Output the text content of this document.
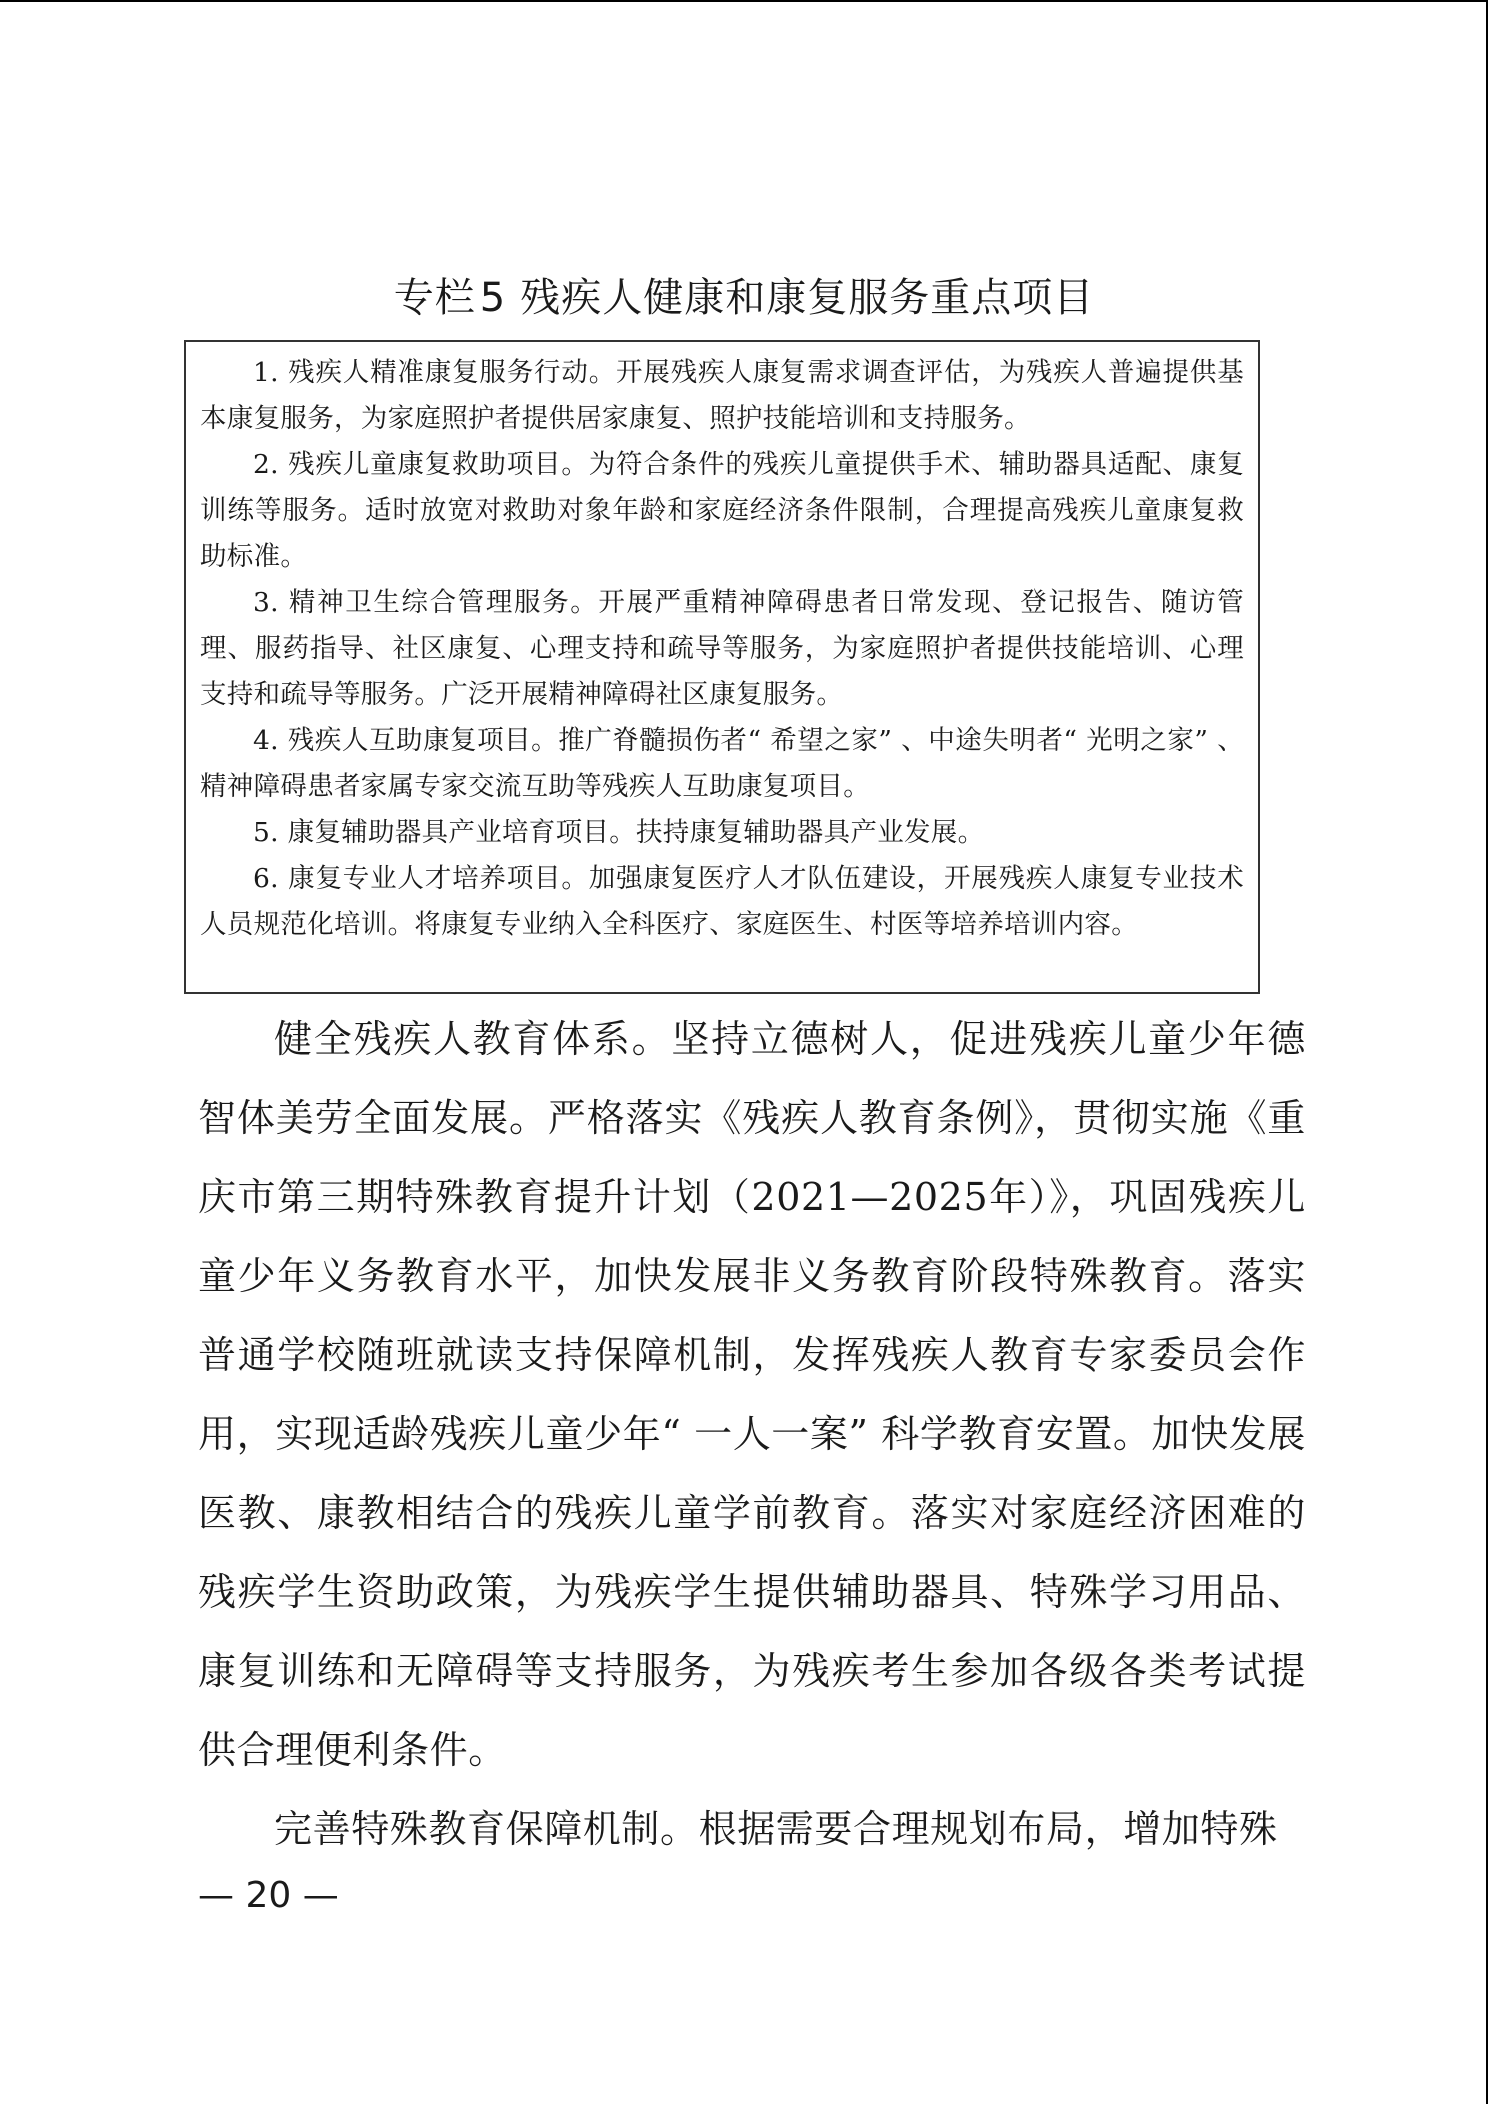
专栏 5 残疾人健康和康复服务重点项目

1. 残疾人精准康复服务行动。开展残疾人康复需求调查评估，为残疾人普遍提供基本康复服务，为家庭照护者提供居家康复、照护技能培训和支持服务。

2. 残疾儿童康复救助项目。为符合条件的残疾儿童提供手术、辅助器具适配、康复训练等服务。适时放宽对救助对象年龄和家庭经济条件限制，合理提高残疾儿童康复救助标准。

3. 精神卫生综合管理服务。开展严重精神障碍患者日常发现、登记报告、随访管理、服药指导、社区康复、心理支持和疏导等服务，为家庭照护者提供技能培训、心理支持和疏导等服务。广泛开展精神障碍社区康复服务。

4. 残疾人互助康复项目。推广脊髓损伤者“ 希望之家” 、中途失明者“ 光明之家” 、精神障碍患者家属专家交流互助等残疾人互助康复项目。

5. 康复辅助器具产业培育项目。扶持康复辅助器具产业发展。

6. 康复专业人才培养项目。加强康复医疗人才队伍建设，开展残疾人康复专业技术人员规范化培训。将康复专业纳入全科医疗、家庭医生、村医等培养培训内容。

健全残疾人教育体系。坚持立德树人，促进残疾儿童少年德智体美劳全面发展。严格落实《残疾人教育条例》，贯彻实施《重庆市第三期特殊教育提升计划（2021—2025年）》，巩固残疾儿童少年义务教育水平，加快发展非义务教育阶段特殊教育。落实普通学校随班就读支持保障机制，发挥残疾人教育专家委员会作用，实现适龄残疾儿童少年“ 一人一案” 科学教育安置。加快发展医教、康教相结合的残疾儿童学前教育。落实对家庭经济困难的残疾学生资助政策，为残疾学生提供辅助器具、特殊学习用品、康复训练和无障碍等支持服务，为残疾考生参加各级各类考试提供合理便利条件。

完善特殊教育保障机制。根据需要合理规划布局，增加特殊

— 20 —
